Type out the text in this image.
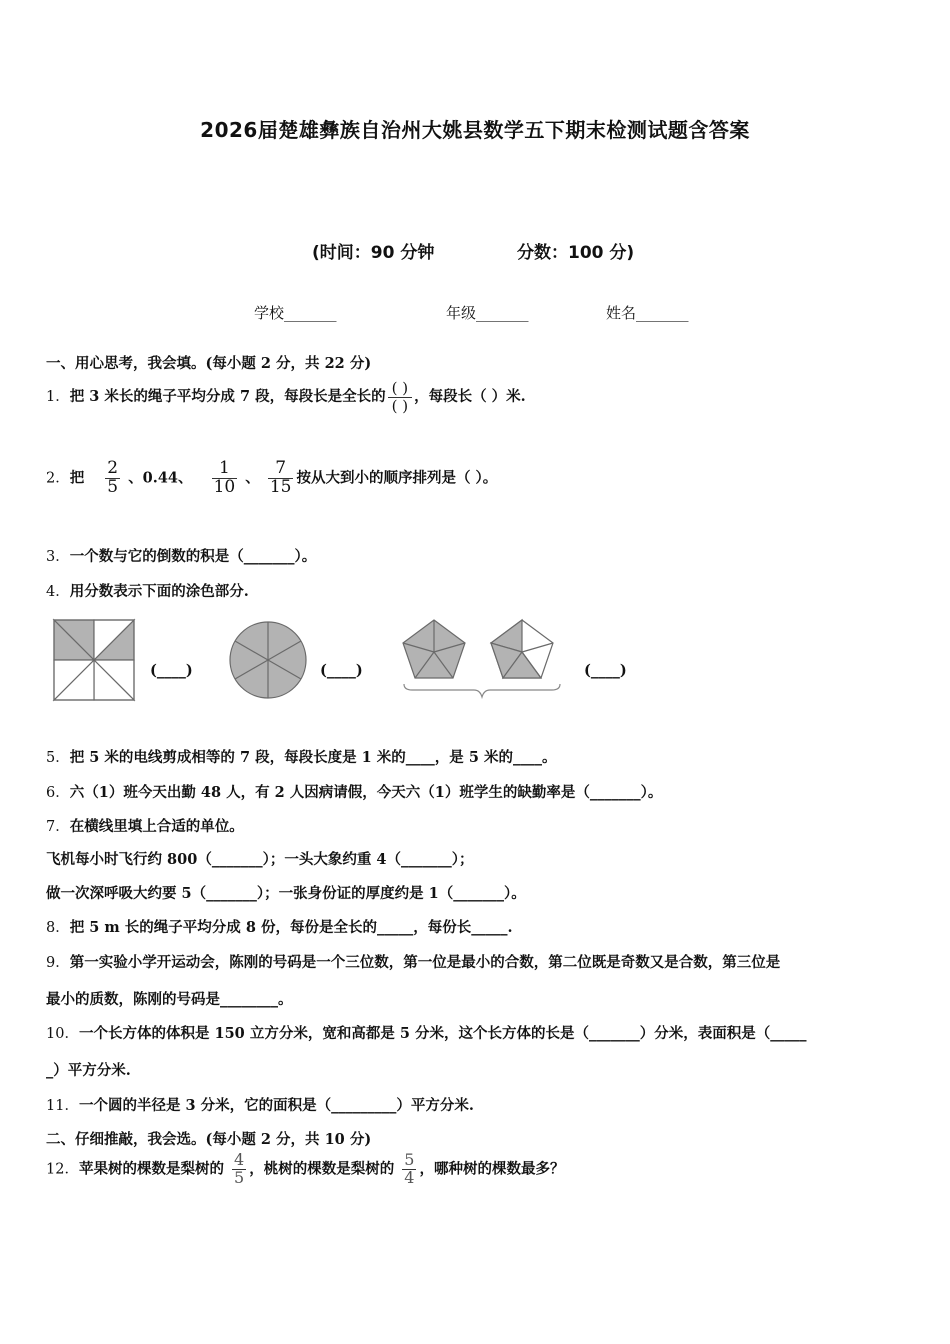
2026届楚雄彝族自治州大姚县数学五下期末检测试题含答案
(时间：90 分钟	分数：100 分)
学校_______	年级_______	姓名_______
一、用心思考，我会填。(每小题 2 分，共 22 分)
1．把 3 米长的绳子平均分成 7 段，每段长是全长的 $\frac{( )}{( )}$ ，每段长（ ）米.
2．把 $\frac{2}{5}$ 、0.44、 $\frac{1}{10}$ 、 $\frac{7}{15}$ 按从大到小的顺序排列是（ ）。
3．一个数与它的倒数的积是（_______）。
4．用分数表示下面的涂色部分.
(____)	(____)	(____)
5．把 5 米的电线剪成相等的 7 段，每段长度是 1 米的____，是 5 米的____。
6．六（1）班今天出勤 48 人，有 2 人因病请假，今天六（1）班学生的缺勤率是（_______）。
7．在横线里填上合适的单位。
飞机每小时飞行约 800（_______）；一头大象约重 4（_______）；
做一次深呼吸大约要 5（_______）；一张身份证的厚度约是 1（_______）。
8．把 5 m 长的绳子平均分成 8 份，每份是全长的_____，每份长_____.
9．第一实验小学开运动会，陈刚的号码是一个三位数，第一位是最小的合数，第二位既是奇数又是合数，第三位是
最小的质数，陈刚的号码是________。
10．一个长方体的体积是 150 立方分米，宽和高都是 5 分米，这个长方体的长是（_______）分米，表面积是（_____
_）平方分米.
11．一个圆的半径是 3 分米，它的面积是（_________）平方分米.
二、仔细推敲，我会选。(每小题 2 分，共 10 分)
12．苹果树的棵数是梨树的 $\frac{4}{5}$ ，桃树的棵数是梨树的 $\frac{5}{4}$ ，哪种树的棵数最多？
